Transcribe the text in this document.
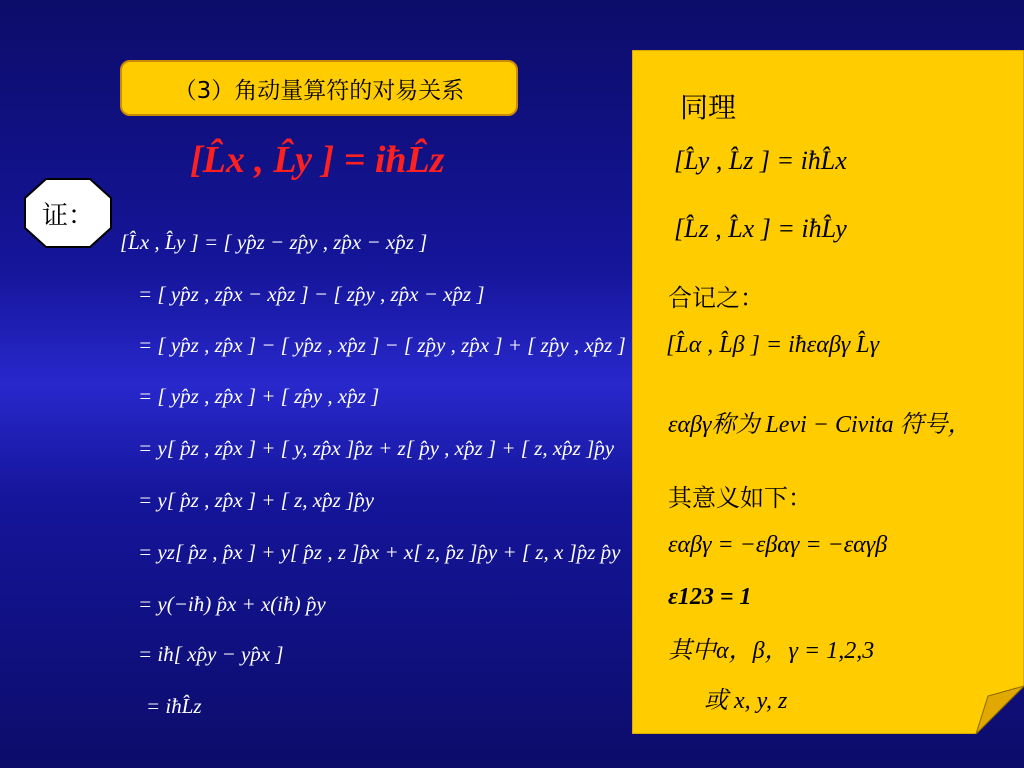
（3）角动量算符的对易关系
[L̂x , L̂y ] = iħL̂z
证：
[L̂x , L̂y ] = [ yp̂z − zp̂y , zp̂x − xp̂z ]
= [ yp̂z , zp̂x − xp̂z ] − [ zp̂y , zp̂x − xp̂z ]
= [ yp̂z , zp̂x ] − [ yp̂z , xp̂z ] − [ zp̂y , zp̂x ] + [ zp̂y , xp̂z ]
= [ yp̂z , zp̂x ] + [ zp̂y , xp̂z ]
= y[ p̂z , zp̂x ] + [ y, zp̂x ]p̂z + z[ p̂y , xp̂z ] + [ z, xp̂z ]p̂y
= y[ p̂z , zp̂x ] + [ z, xp̂z ]p̂y
= yz[ p̂z , p̂x ] + y[ p̂z , z ]p̂x + x[ z, p̂z ]p̂y + [ z, x ]p̂z p̂y
= y(−iħ) p̂x + x(iħ) p̂y
= iħ[ xp̂y − yp̂x ]
= iħL̂z
同理
[L̂y , L̂z ] = iħL̂x
[L̂z , L̂x ] = iħL̂y
合记之：
[L̂α , L̂β ] = iħεαβγ L̂γ
εαβγ称为 Levi − Civita 符号，
其意义如下：
εαβγ = −εβαγ = −εαγβ
ε123 = 1
其中α，β，γ = 1,2,3
或 x, y, z
